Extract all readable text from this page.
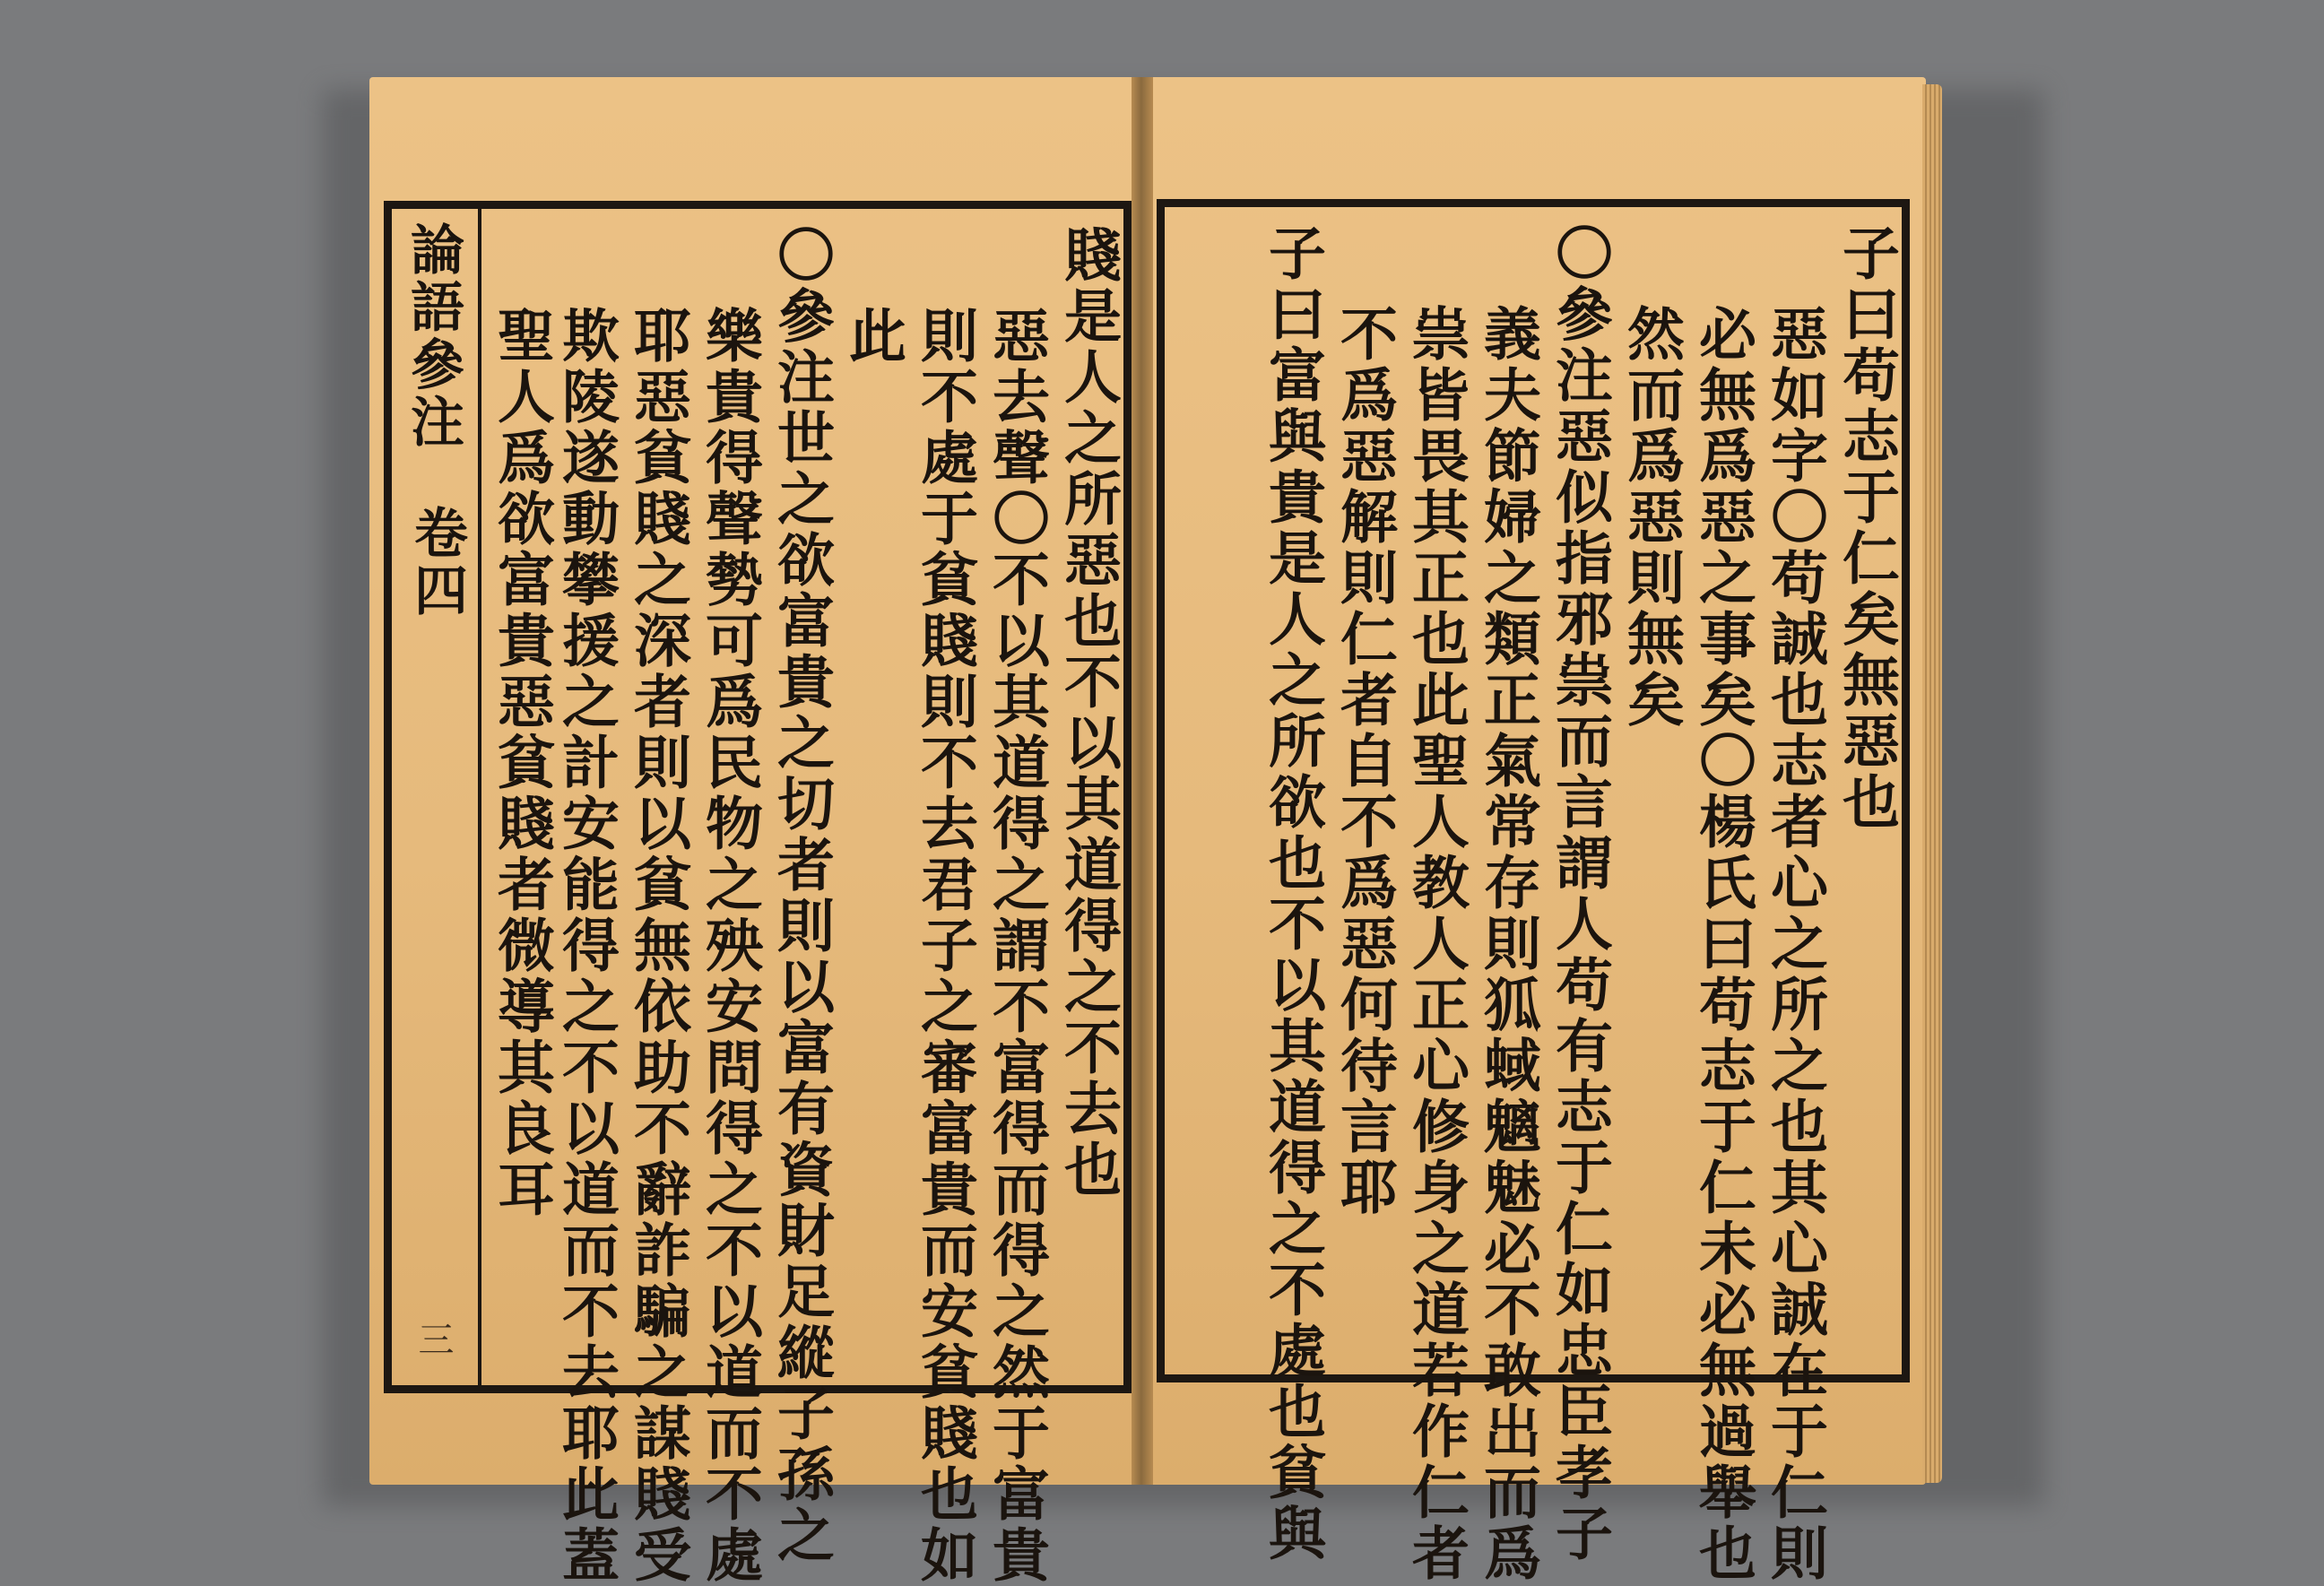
論語參注
卷四
三
賤是人之所惡也不以其道得之不去也
惡去聲〇不以其道得之謂不富得而得之然于富貴
則不處于貧賤則不去君子之審富貴而安貧賤也如
此
〇參注世之欲富貴之切者則以富有資財足縱子孫之
樂貴得聲勢可爲民物之殃安問得之不以道而不處
耶惡貧賤之深者則以貧無依助不辭詐騙之謀賤受
欺陵遂動攀援之計安能得之不以道而不去耶此蓋
聖人爲欲富貴惡貧賤者微導其良耳	子曰苟志于仁矣無惡也
惡如字〇苟誠也志者心之所之也其心誠在于仁則
必無爲惡之事矣〇楊氏曰苟志于仁未必無過舉也
然而爲惡則無矣
〇參注惡似指邪祟而言謂人苟有志于仁如忠臣孝子
義夫節婦之類正氣常存則狐蜮魑魅必不敢出而爲
祟皆畏其正也此聖人教人正心修身之道若作仁者
不爲惡解則仁者自不爲惡何待言耶
子曰富與貴是人之所欲也不以其道得之不處也貧與
